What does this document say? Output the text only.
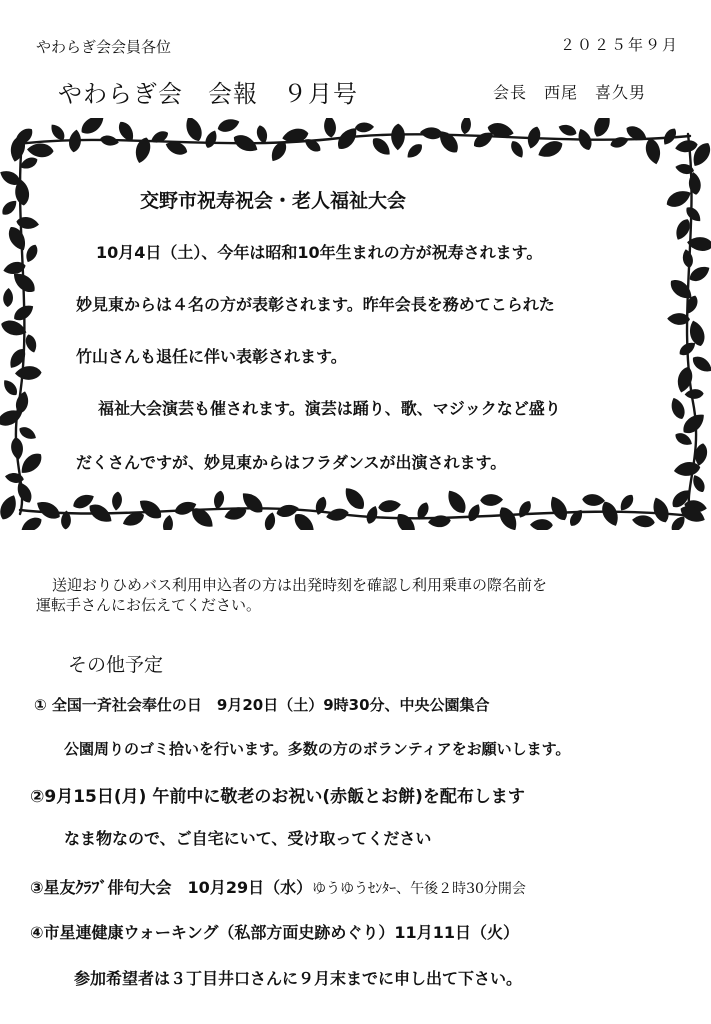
やわらぎ会会員各位	２０２５年９月
やわらぎ会　会報　９月号	会長　西尾　喜久男
交野市祝寿祝会・老人福祉大会
10月4日（土）、今年は昭和10年生まれの方が祝寿されます。
妙見東からは４名の方が表彰されます。昨年会長を務めてこられた
竹山さんも退任に伴い表彰されます。
福祉大会演芸も催されます。演芸は踊り、歌、マジックなど盛り
だくさんですが、妙見東からはフラダンスが出演されます。
送迎おりひめバス利用申込者の方は出発時刻を確認し利用乗車の際名前を
運転手さんにお伝えてください。
その他予定
① 全国一斉社会奉仕の日　9月20日（土）9時30分、中央公園集合
公園周りのゴミ拾いを行います。多数の方のボランティアをお願いします。
②9月15日(月) 午前中に敬老のお祝い(赤飯とお餅)を配布します
なま物なので、ご自宅にいて、受け取ってください
③星友ｸﾗﾌﾞ俳句大会　10月29日（水）ゆうゆうｾﾝﾀｰ、午後２時30分開会
④市星連健康ウォーキング（私部方面史跡めぐり）11月11日（火）
参加希望者は３丁目井口さんに９月末までに申し出て下さい。
